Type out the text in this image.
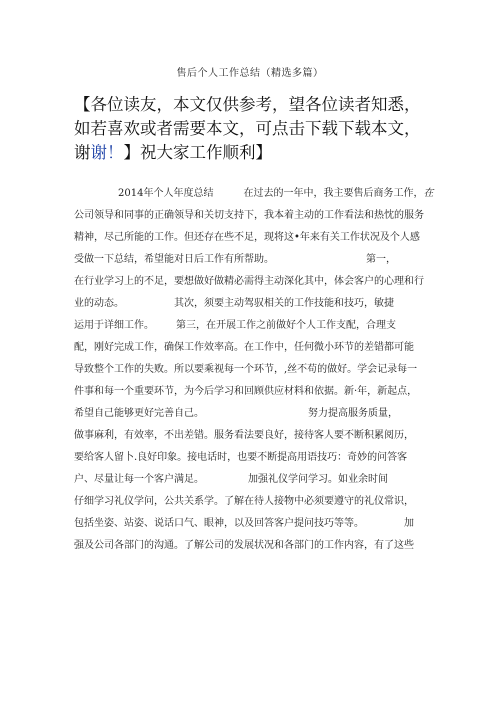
售后个人工作总结（精选多篇）
【各位读友，本文仅供参考，望各位读者知悉，如若喜欢或者需要本文，可点击下载下载本文，谢谢！】祝大家工作顺利】
2014年个人年度总结	在过去的一年中，我主要售后商务工作，在
公司领导和同事的正确领导和关切支持下，我本着主动的工作看法和热忱的服务
精神，尽己所能的工作。但还存在些不足，现将这•年来有关工作状况及个人感
受做一下总结，希望能对日后工作有所帮助。	第一，
在行业学习上的不足，要想做好做精必需得主动深化其中，体会客户的心理和行
业的动态。	其次，须要主动驾驭相关的工作技能和技巧，敏捷
运用于详细工作。 第三，在开展工作之前做好个人工作支配，合理支
配，刚好完成工作，确保工作效率高。在工作中，任何微小环节的差错都可能
导致整个工作的失败。所以要乘视每一个环节，,丝不苟的做好。学会记录每一
件事和每一个重要环节，为今后学习和回顾供应材料和依据。新·年，新起点，
希望自己能够更好完善自己。	努力提高服务质量，
做事麻利，有效率，不出差错。服务看法要良好，接待客人要不断积累阅历，
要给客人留卜.良好印象。接电话时，也要不断提高用语技巧：奇妙的问答客
户、尽量让每一个客户满足。	加强礼仪学问学习。如业余时间
仔细学习礼仪学问，公共关系学。了解在待人接物中必须要遵守的礼仪常识，
包括坐姿、站姿、说话口气、眼神，以及回答客户提问技巧等等。	加
强及公司各部门的沟通。了解公司的发展状况和各部门的工作内容，有了这些
